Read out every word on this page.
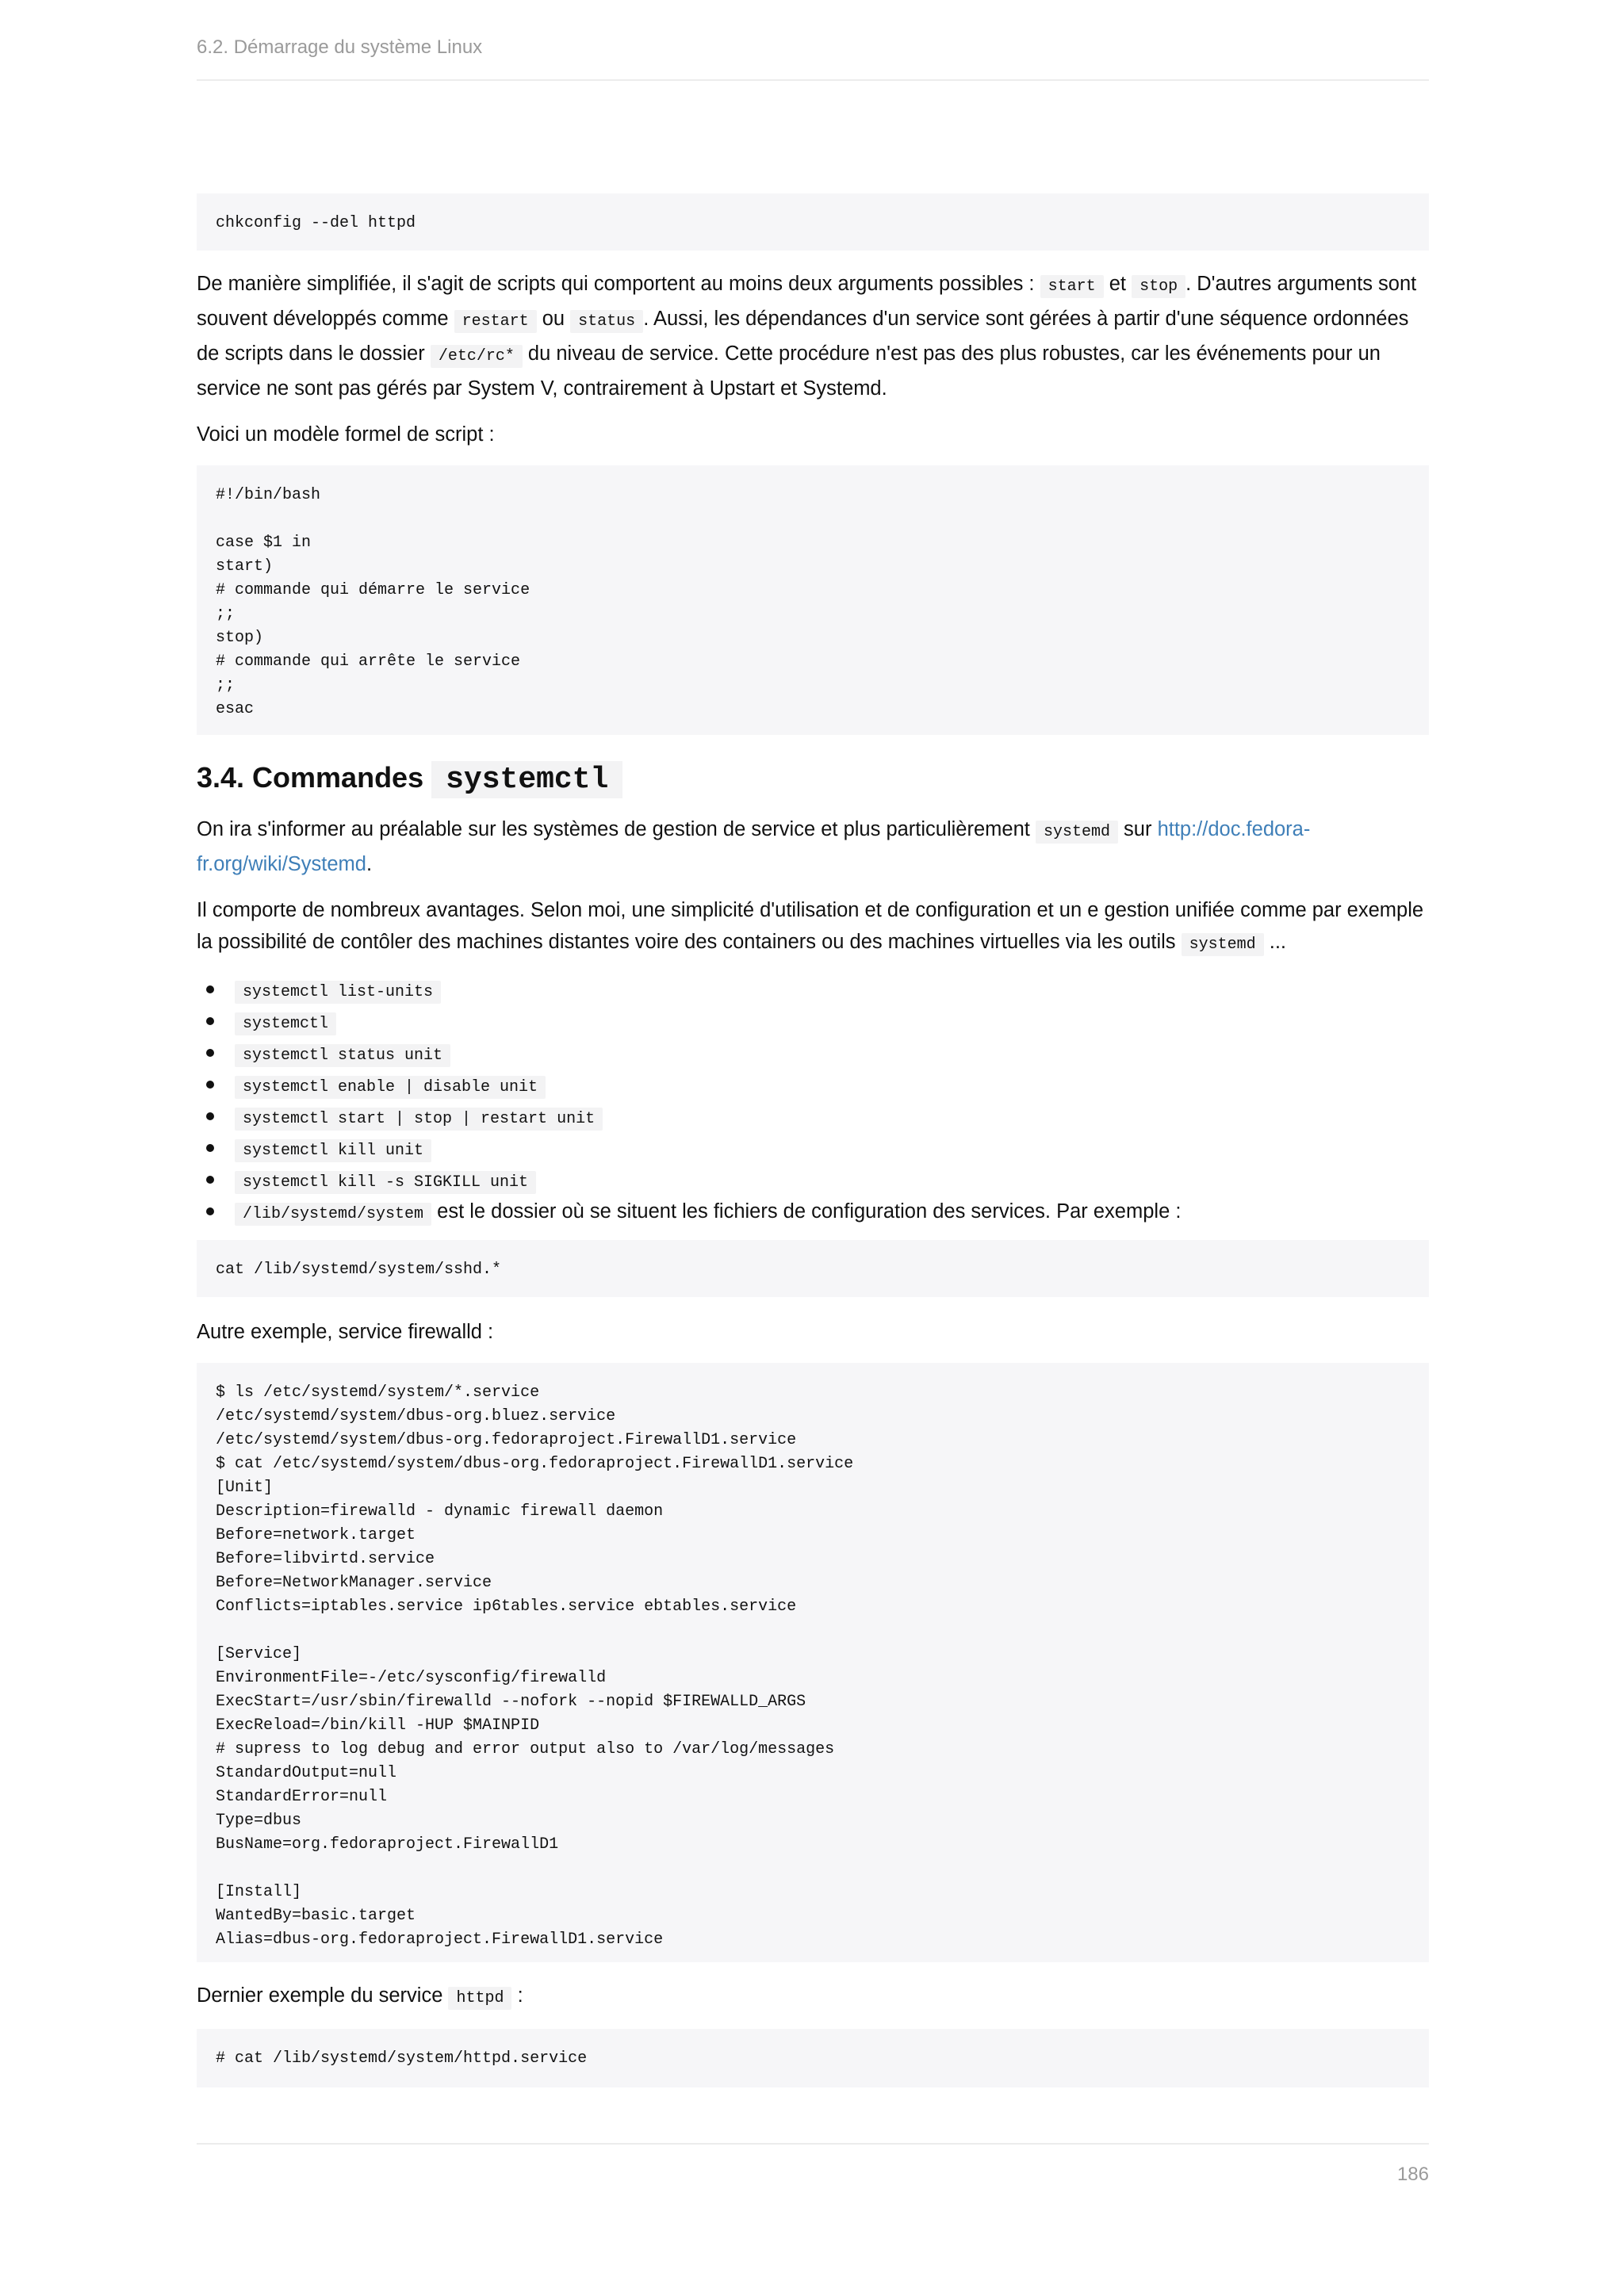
6.2. Démarrage du système Linux
chkconfig --del httpd

De manière simplifiée, il s'agit de scripts qui comportent au moins deux arguments possibles : start et stop . D'autres arguments sont souvent développés comme restart ou status . Aussi, les dépendances d'un service sont gérées à partir d'une séquence ordonnées de scripts dans le dossier /etc/rc* du niveau de service. Cette procédure n'est pas des plus robustes, car les événements pour un service ne sont pas gérés par System V, contrairement à Upstart et Systemd.

Voici un modèle formel de script :

#!/bin/bash

case $1 in
start)
# commande qui démarre le service
;;
stop)
# commande qui arrête le service
;;
esac
3.4. Commandes systemctl

On ira s'informer au préalable sur les systèmes de gestion de service et plus particulièrement systemd sur http://doc.fedora-fr.org/wiki/Systemd.

Il comporte de nombreux avantages. Selon moi, une simplicité d'utilisation et de configuration et un e gestion unifiée comme par exemple la possibilité de contôler des machines distantes voire des containers ou des machines virtuelles via les outils systemd ...

systemctl list-units
systemctl
systemctl status unit
systemctl enable | disable unit
systemctl start | stop | restart unit
systemctl kill unit
systemctl kill -s SIGKILL unit
/lib/systemd/system est le dossier où se situent les fichiers de configuration des services. Par exemple :
cat /lib/systemd/system/sshd.*

Autre exemple, service firewalld :

$ ls /etc/systemd/system/*.service
/etc/systemd/system/dbus-org.bluez.service
/etc/systemd/system/dbus-org.fedoraproject.FirewallD1.service
$ cat /etc/systemd/system/dbus-org.fedoraproject.FirewallD1.service
[Unit]
Description=firewalld - dynamic firewall daemon
Before=network.target
Before=libvirtd.service
Before=NetworkManager.service
Conflicts=iptables.service ip6tables.service ebtables.service

[Service]
EnvironmentFile=-/etc/sysconfig/firewalld
ExecStart=/usr/sbin/firewalld --nofork --nopid $FIREWALLD_ARGS
ExecReload=/bin/kill -HUP $MAINPID
# supress to log debug and error output also to /var/log/messages
StandardOutput=null
StandardError=null
Type=dbus
BusName=org.fedoraproject.FirewallD1

[Install]
WantedBy=basic.target
Alias=dbus-org.fedoraproject.FirewallD1.service

Dernier exemple du service httpd :

# cat /lib/systemd/system/httpd.service
186
